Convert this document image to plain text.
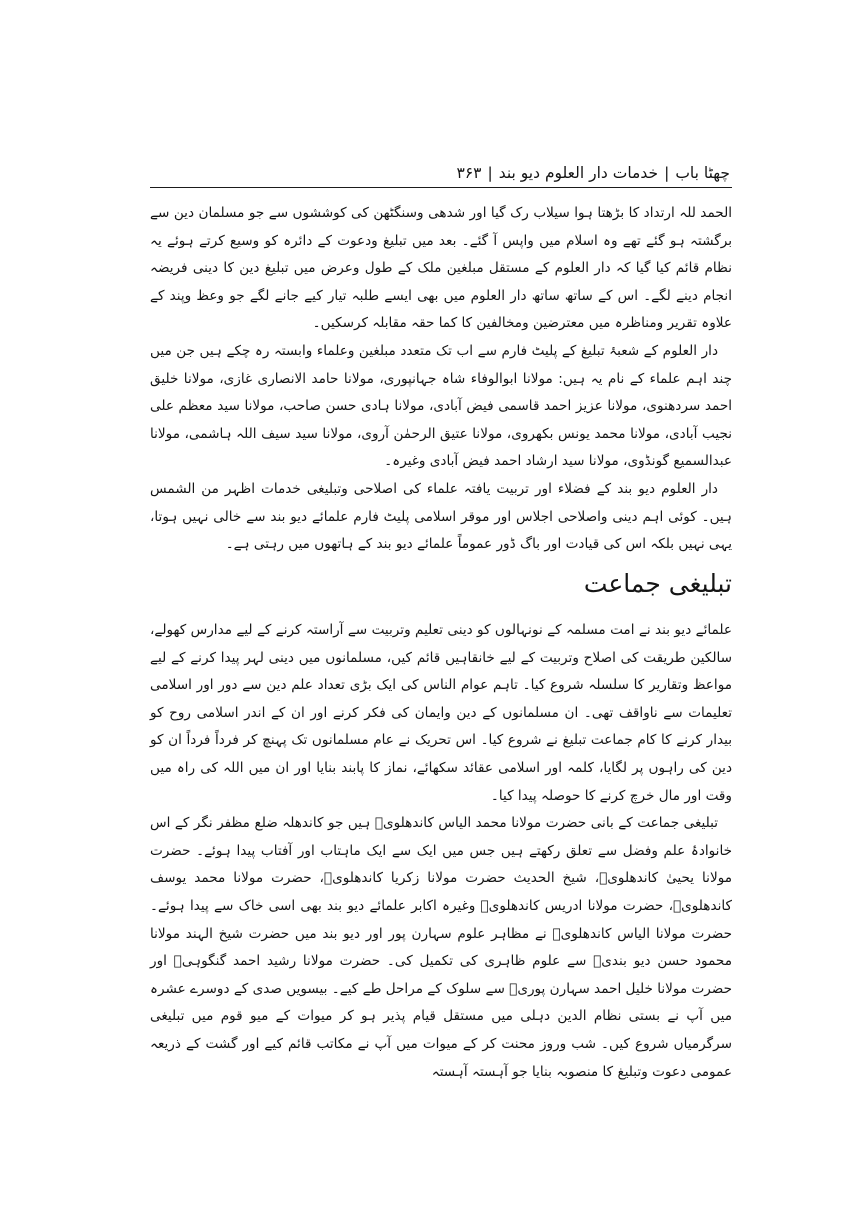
چھٹا باب
|
خدمات دار العلوم دیو بند
|
۳۶۳

الحمد للہ ارتداد کا بڑھتا ہوا سیلاب رک گیا اور شدھی وسنگٹھن کی کوششوں سے جو مسلمان دین سے برگشتہ ہو گئے تھے وہ اسلام میں واپس آ گئے۔ بعد میں تبلیغ ودعوت کے دائرہ کو وسیع کرتے ہوئے یہ نظام قائم کیا گیا کہ دار العلوم کے مستقل مبلغین ملک کے طول وعرض میں تبلیغ دین کا دینی فریضہ انجام دینے لگے۔ اس کے ساتھ ساتھ دار العلوم میں بھی ایسے طلبہ تیار کیے جانے لگے جو وعظ وپند کے علاوہ تقریر ومناظرہ میں معترضین ومخالفین کا کما حقہ مقابلہ کرسکیں۔

دار العلوم کے شعبۂ تبلیغ کے پلیٹ فارم سے اب تک متعدد مبلغین وعلماء وابستہ رہ چکے ہیں جن میں چند اہم علماء کے نام یہ ہیں: مولانا ابوالوفاء شاہ جہانپوری، مولانا حامد الانصاری غازی، مولانا خلیق احمد سردھنوی، مولانا عزیز احمد قاسمی فیض آبادی، مولانا ہادی حسن صاحب، مولانا سید معظم علی نجیب آبادی، مولانا محمد یونس بکھروی، مولانا عتیق الرحمٰن آروی، مولانا سید سیف اللہ ہاشمی، مولانا عبدالسمیع گونڈوی، مولانا سید ارشاد احمد فیض آبادی وغیرہ۔

دار العلوم دیو بند کے فضلاء اور تربیت یافتہ علماء کی اصلاحی وتبلیغی خدمات اظہر من الشمس ہیں۔ کوئی اہم دینی واصلاحی اجلاس اور موقر اسلامی پلیٹ فارم علمائے دیو بند سے خالی نہیں ہوتا، یہی نہیں بلکہ اس کی قیادت اور باگ ڈور عموماً علمائے دیو بند کے ہاتھوں میں رہتی ہے۔

تبلیغی جماعت

علمائے دیو بند نے امت مسلمہ کے نونہالوں کو دینی تعلیم وتربیت سے آراستہ کرنے کے لیے مدارس کھولے، سالکین طریقت کی اصلاح وتربیت کے لیے خانقاہیں قائم کیں، مسلمانوں میں دینی لہر پیدا کرنے کے لیے مواعظ وتقاریر کا سلسلہ شروع کیا۔ تاہم عوام الناس کی ایک بڑی تعداد علم دین سے دور اور اسلامی تعلیمات سے ناواقف تھی۔ ان مسلمانوں کے دین وایمان کی فکر کرنے اور ان کے اندر اسلامی روح کو بیدار کرنے کا کام جماعت تبلیغ نے شروع کیا۔ اس تحریک نے عام مسلمانوں تک پہنچ کر فرداً فرداً ان کو دین کی راہوں پر لگایا، کلمہ اور اسلامی عقائد سکھائے، نماز کا پابند بنایا اور ان میں اللہ کی راہ میں وقت اور مال خرچ کرنے کا حوصلہ پیدا کیا۔

تبلیغی جماعت کے بانی حضرت مولانا محمد الیاس کاندھلویؒ ہیں جو کاندھلہ ضلع مظفر نگر کے اس خانوادۂ علم وفضل سے تعلق رکھتے ہیں جس میں ایک سے ایک ماہتاب اور آفتاب پیدا ہوئے۔ حضرت مولانا یحییٰ کاندھلویؒ، شیخ الحدیث حضرت مولانا زکریا کاندھلویؒ، حضرت مولانا محمد یوسف کاندھلویؒ، حضرت مولانا ادریس کاندھلویؒ وغیرہ اکابر علمائے دیو بند بھی اسی خاک سے پیدا ہوئے۔ حضرت مولانا الیاس کاندھلویؒ نے مظاہر علوم سہارن پور اور دیو بند میں حضرت شیخ الہند مولانا محمود حسن دیو بندیؒ سے علوم ظاہری کی تکمیل کی۔ حضرت مولانا رشید احمد گنگوہیؒ اور حضرت مولانا خلیل احمد سہارن پوریؒ سے سلوک کے مراحل طے کیے۔ بیسویں صدی کے دوسرے عشرہ میں آپ نے بستی نظام الدین دہلی میں مستقل قیام پذیر ہو کر میوات کے میو قوم میں تبلیغی سرگرمیاں شروع کیں۔ شب وروز محنت کر کے میوات میں آپ نے مکاتب قائم کیے اور گشت کے ذریعہ عمومی دعوت وتبلیغ کا منصوبہ بنایا جو آہستہ آہستہ
